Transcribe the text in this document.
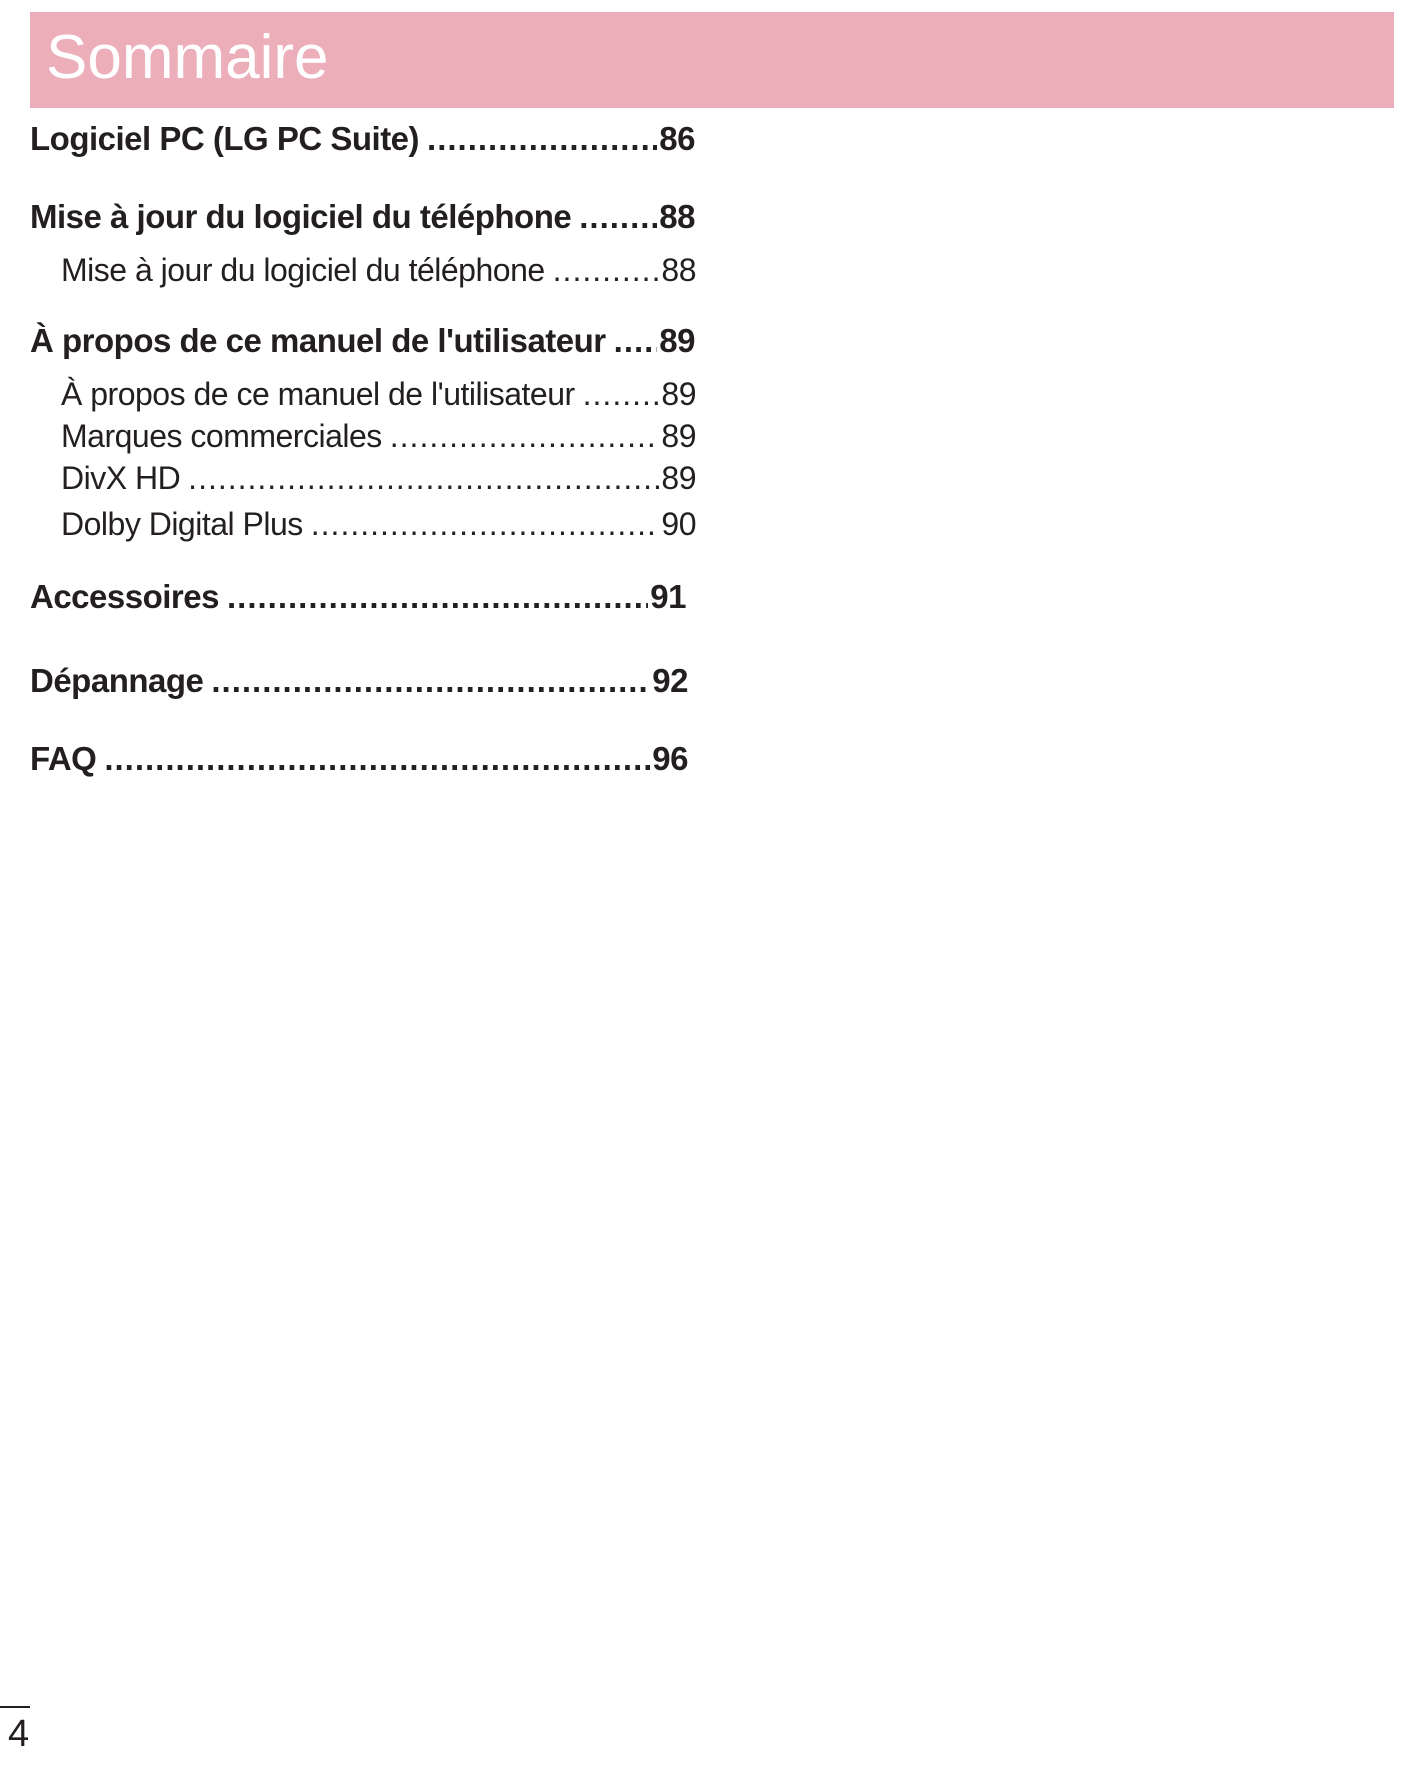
Sommaire
Logiciel PC (LG PC Suite) .....	86
Mise à jour du logiciel du téléphone .....	88
Mise à jour du logiciel du téléphone .....	88
À propos de ce manuel de l'utilisateur ..... 89
À propos de ce manuel de l'utilisateur .....	89
Marques commerciales .....	89
DivX HD .....	89
Dolby Digital Plus .....	90
Accessoires .....	91
Dépannage .....	92
FAQ .....	96
4
